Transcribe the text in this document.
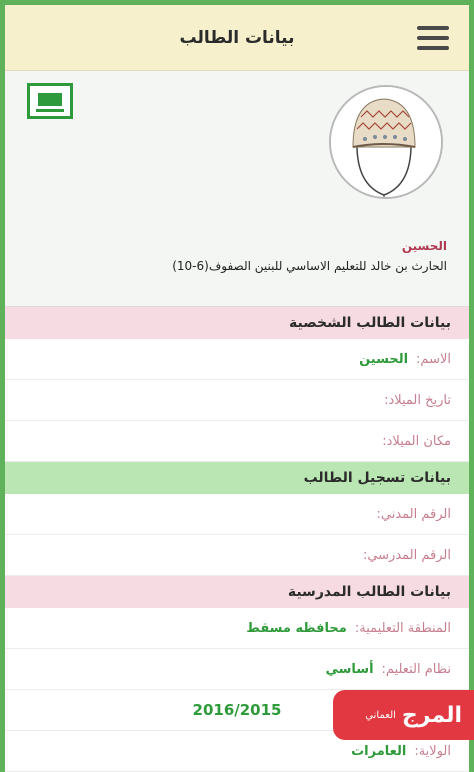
بيانات الطالب
الحسين
الحارث بن خالد للتعليم الاساسي للبنين الصفوف(6-10)
بيانات الطالب الشخصية
الاسم:
الحسين
تاريخ الميلاد:
مكان الميلاد:
بيانات تسجيل الطالب
الرقم المدني:
الرقم المدرسي:
بيانات الطالب المدرسية
المنطقة التعليمية:
محافظه مسقط
نظام التعليم:
أساسي
2016/2015
الولاية:
العامرات
المرج
العماني
